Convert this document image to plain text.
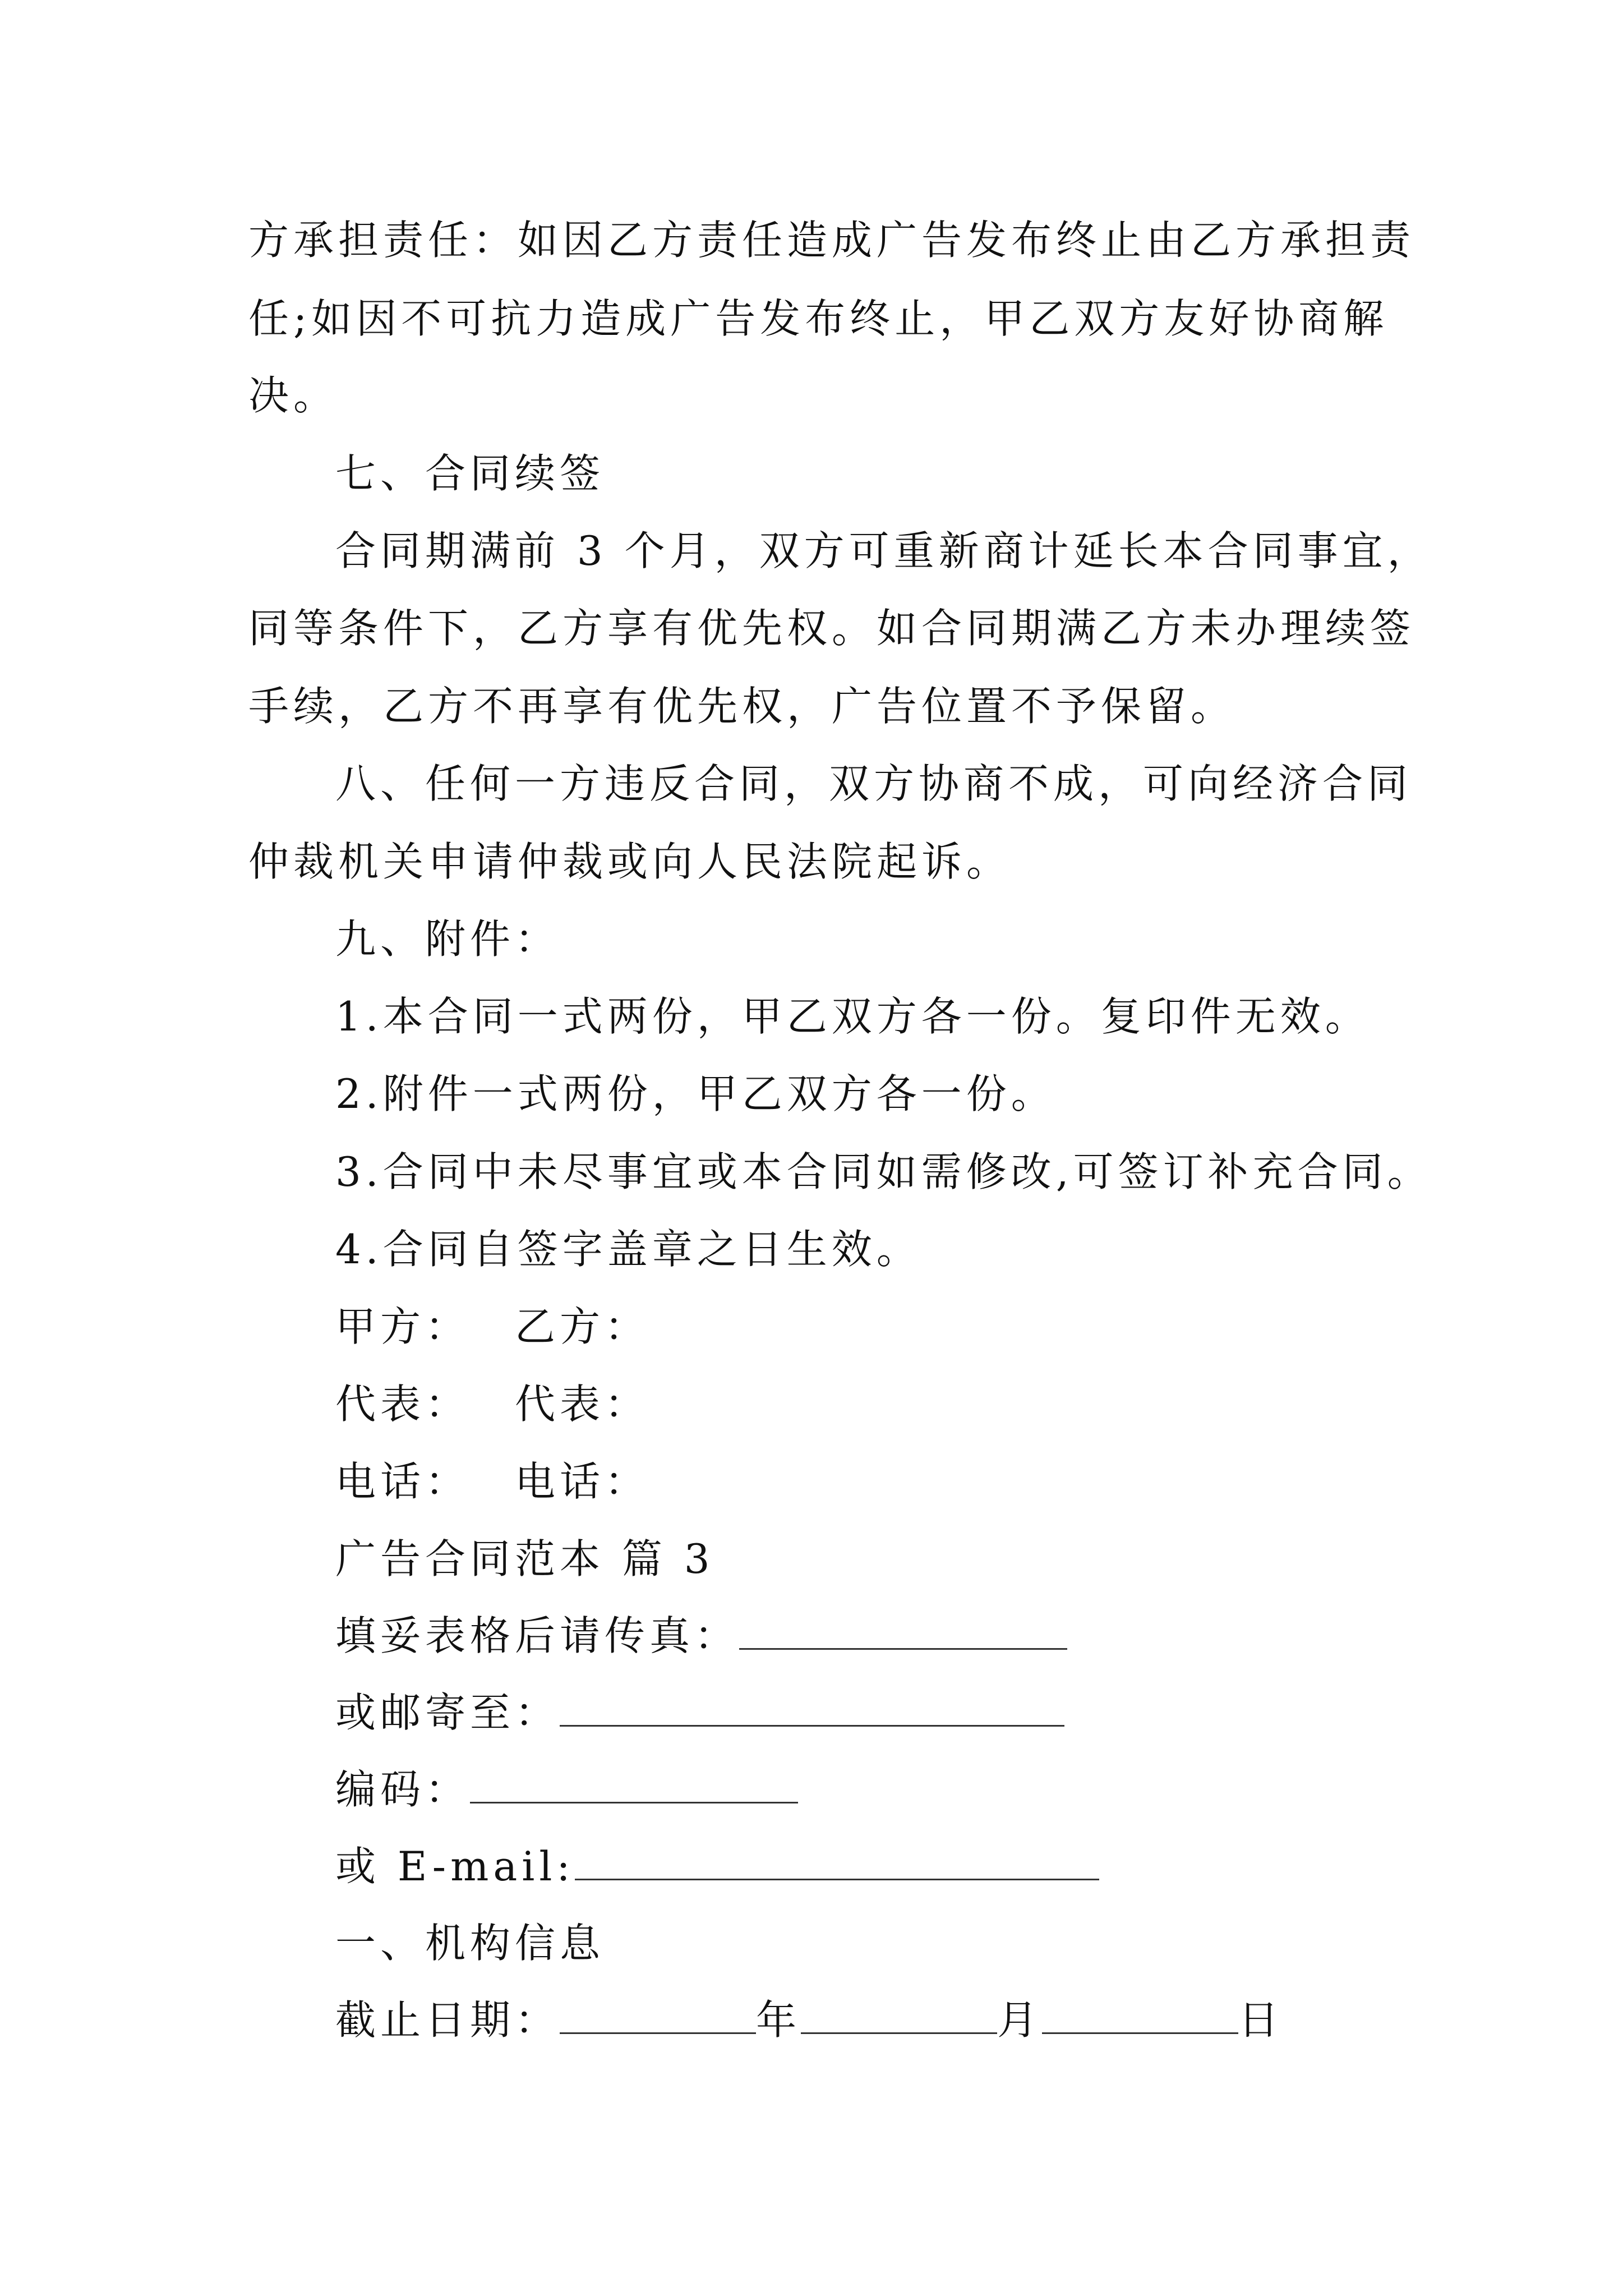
方承担责任：如因乙方责任造成广告发布终止由乙方承担责
任;如因不可抗力造成广告发布终止，甲乙双方友好协商解
决。
七、合同续签
合同期满前 3 个月，双方可重新商计延长本合同事宜，
同等条件下，乙方享有优先权。如合同期满乙方未办理续签
手续，乙方不再享有优先权，广告位置不予保留。
八、任何一方违反合同，双方协商不成，可向经济合同
仲裁机关申请仲裁或向人民法院起诉。
九、附件：
1.本合同一式两份，甲乙双方各一份。复印件无效。
2.附件一式两份，甲乙双方各一份。
3.合同中未尽事宜或本合同如需修改,可签订补充合同。
4.合同自签字盖章之日生效。
甲方： 乙方：
代表： 代表：
电话： 电话：
广告合同范本 篇 3
填妥表格后请传真：
或邮寄至：
编码：
或 E-mail:
一、机构信息
截止日期：	年	月	日
